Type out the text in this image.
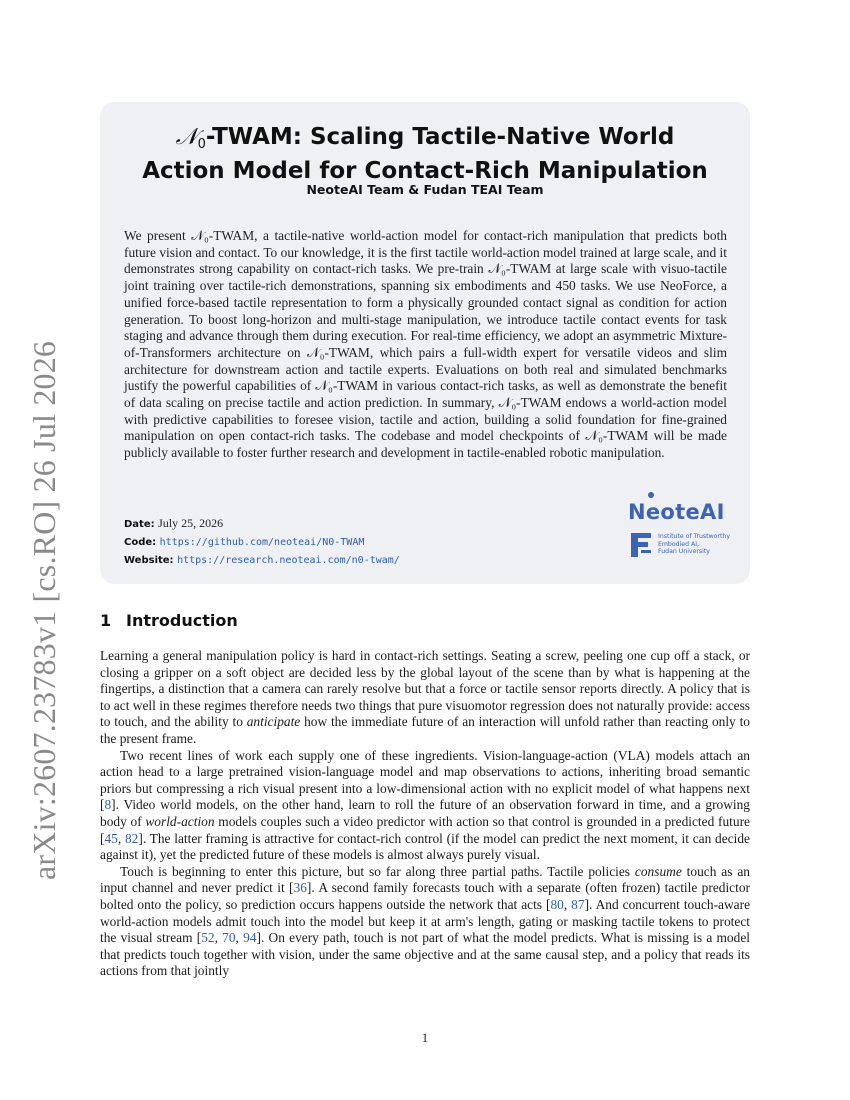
arXiv:2607.23783v1 [cs.RO] 26 Jul 2026
𝒩$_0$-TWAM: Scaling Tactile-Native World
Action Model for Contact-Rich Manipulation
NeoteAI Team & Fudan TEAI Team
We present 𝒩₀-TWAM, a tactile-native world-action model for contact-rich manipulation that predicts both future vision and contact. To our knowledge, it is the first tactile world-action model trained at large scale, and it demonstrates strong capability on contact-rich tasks. We pre-train 𝒩₀-TWAM at large scale with visuo-tactile joint training over tactile-rich demonstrations, spanning six embodiments and 450 tasks. We use NeoForce, a unified force-based tactile representation to form a physically grounded contact signal as condition for action generation. To boost long-horizon and multi-stage manipulation, we introduce tactile contact events for task staging and advance through them during execution. For real-time efficiency, we adopt an asymmetric Mixture-of-Transformers architecture on 𝒩₀-TWAM, which pairs a full-width expert for versatile videos and slim architecture for downstream action and tactile experts. Evaluations on both real and simulated benchmarks justify the powerful capabilities of 𝒩₀-TWAM in various contact-rich tasks, as well as demonstrate the benefit of data scaling on precise tactile and action prediction. In summary, 𝒩₀-TWAM endows a world-action model with predictive capabilities to foresee vision, tactile and action, building a solid foundation for fine-grained manipulation on open contact-rich tasks. The codebase and model checkpoints of 𝒩₀-TWAM will be made publicly available to foster further research and development in tactile-enabled robotic manipulation.
Date: July 25, 2026
Code: https://github.com/neoteai/N0-TWAM
Website: https://research.neoteai.com/n0-twam/
NeoteAI
Institute of Trustworthy
Embodied AI,
Fudan University
1 Introduction

Learning a general manipulation policy is hard in contact-rich settings. Seating a screw, peeling one cup off a stack, or closing a gripper on a soft object are decided less by the global layout of the scene than by what is happening at the fingertips, a distinction that a camera can rarely resolve but that a force or tactile sensor reports directly. A policy that is to act well in these regimes therefore needs two things that pure visuomotor regression does not naturally provide: access to touch, and the ability to anticipate how the immediate future of an interaction will unfold rather than reacting only to the present frame.

Two recent lines of work each supply one of these ingredients. Vision-language-action (VLA) models attach an action head to a large pretrained vision-language model and map observations to actions, inheriting broad semantic priors but compressing a rich visual present into a low-dimensional action with no explicit model of what happens next [8]. Video world models, on the other hand, learn to roll the future of an observation forward in time, and a growing body of world-action models couples such a video predictor with action so that control is grounded in a predicted future [45, 82]. The latter framing is attractive for contact-rich control (if the model can predict the next moment, it can decide against it), yet the predicted future of these models is almost always purely visual.

Touch is beginning to enter this picture, but so far along three partial paths. Tactile policies consume touch as an input channel and never predict it [36]. A second family forecasts touch with a separate (often frozen) tactile predictor bolted onto the policy, so prediction occurs happens outside the network that acts [80, 87]. And concurrent touch-aware world-action models admit touch into the model but keep it at arm's length, gating or masking tactile tokens to protect the visual stream [52, 70, 94]. On every path, touch is not part of what the model predicts. What is missing is a model that predicts touch together with vision, under the same objective and at the same causal step, and a policy that reads its actions from that jointly

1
